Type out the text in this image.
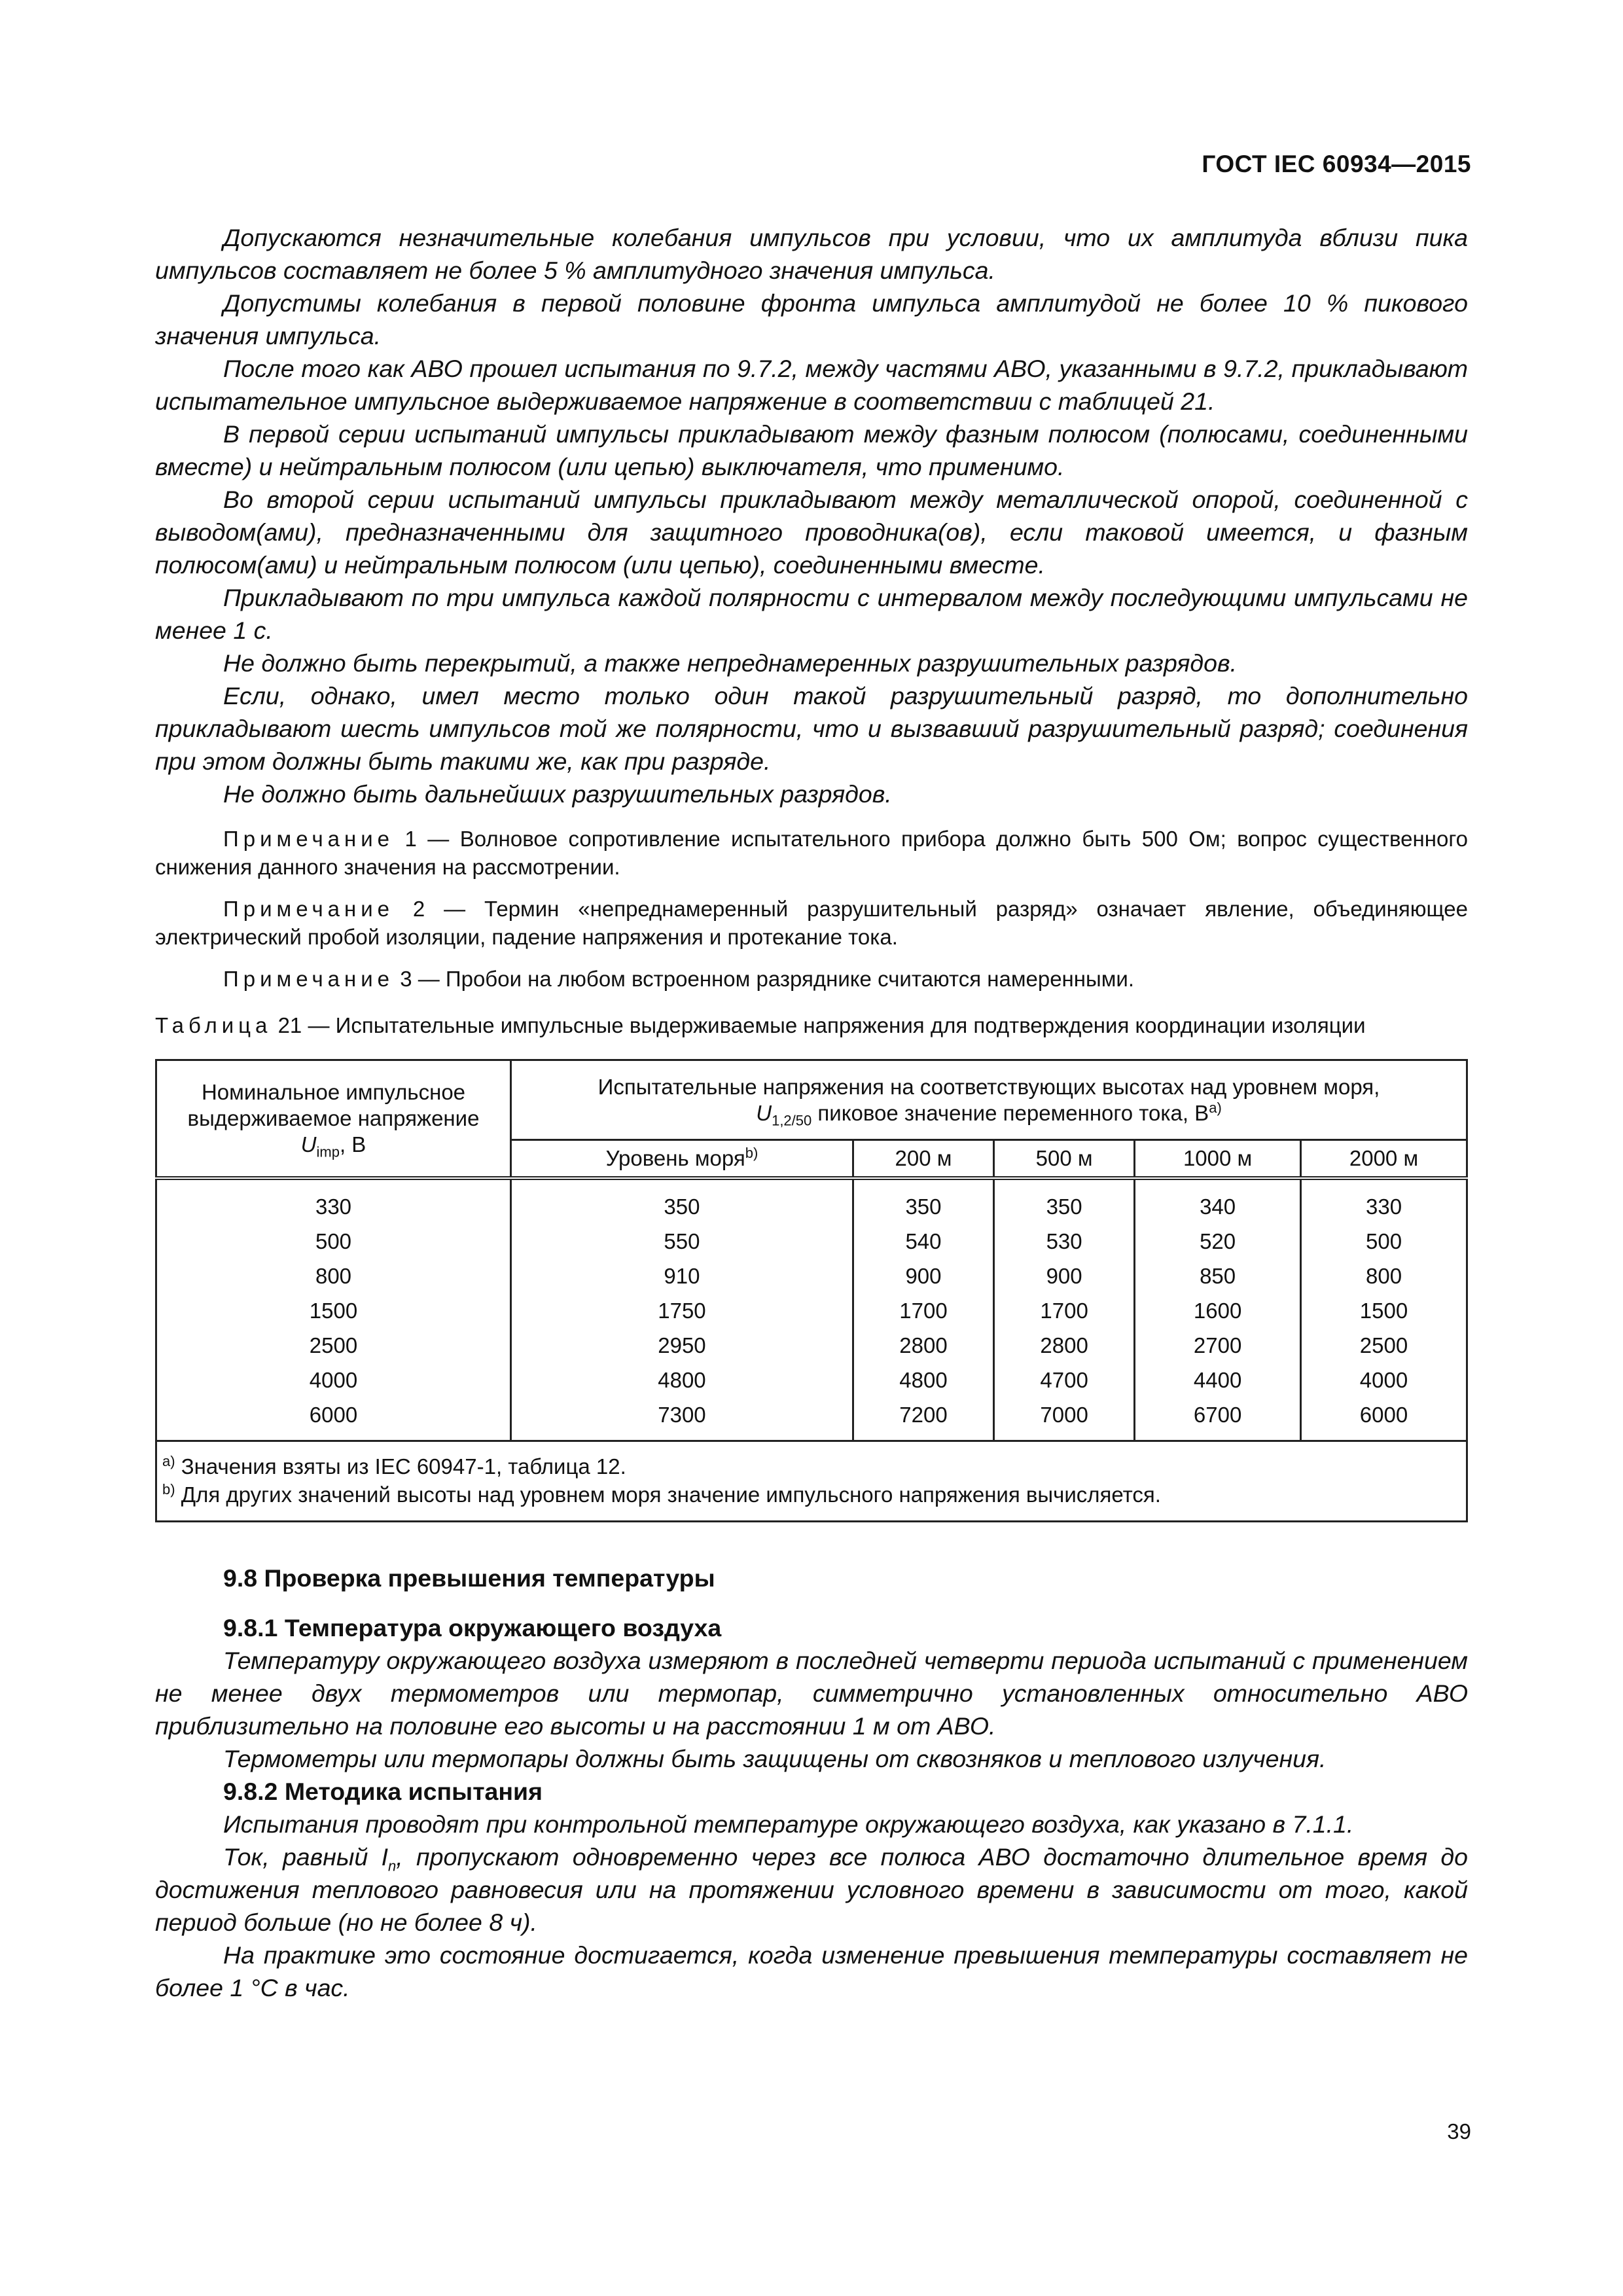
ГОСТ IEC 60934—2015

Допускаются незначительные колебания импульсов при условии, что их амплитуда вблизи пика импульсов составляет не более 5 % амплитудного значения импульса.

Допустимы колебания в первой половине фронта импульса амплитудой не более 10 % пикового значения импульса.

После того как АВО прошел испытания по 9.7.2, между частями АВО, указанными в 9.7.2, прикладывают испытательное импульсное выдерживаемое напряжение в соответствии с таблицей 21.

В первой серии испытаний импульсы прикладывают между фазным полюсом (полюсами, соединенными вместе) и нейтральным полюсом (или цепью) выключателя, что применимо.

Во второй серии испытаний импульсы прикладывают между металлической опорой, соединенной с выводом(ами), предназначенными для защитного проводника(ов), если таковой имеется, и фазным полюсом(ами) и нейтральным полюсом (или цепью), соединенными вместе.

Прикладывают по три импульса каждой полярности с интервалом между последующими импульсами не менее 1 с.

Не должно быть перекрытий, а также непреднамеренных разрушительных разрядов.

Если, однако, имел место только один такой разрушительный разряд, то дополнительно прикладывают шесть импульсов той же полярности, что и вызвавший разрушительный разряд; соединения при этом должны быть такими же, как при разряде.

Не должно быть дальнейших разрушительных разрядов.

Примечание 1 — Волновое сопротивление испытательного прибора должно быть 500 Ом; вопрос существенного снижения данного значения на рассмотрении.

Примечание 2 — Термин «непреднамеренный разрушительный разряд» означает явление, объединяющее электрический пробой изоляции, падение напряжения и протекание тока.

Примечание 3 — Пробои на любом встроенном разряднике считаются намеренными.

Таблица 21 — Испытательные импульсные выдерживаемые напряжения для подтверждения координации изоляции

Номинальное импульсное
выдерживаемое напряжение
$U_{imp}$, В	Испытательные напряжения на соответствующих высотах над уровнем моря,
$U_{1,2/50}$ пиковое значение переменного тока, $В^{а)}$
	Уровень моря$^{b)}$	200 м	500 м	1000 м	2000 м
330	350	350	350	340	330
500	550	540	530	520	500
800	910	900	900	850	800
1500	1750	1700	1700	1600	1500
2500	2950	2800	2800	2700	2500
4000	4800	4800	4700	4400	4000
6000	7300	7200	7000	6700	6000

$^{a)}$ Значения взяты из IEC 60947-1, таблица 12.
$^{b)}$ Для других значений высоты над уровнем моря значение импульсного напряжения вычисляется.					

9.8 Проверка превышения температуры

9.8.1 Температура окружающего воздуха

Температуру окружающего воздуха измеряют в последней четверти периода испытаний с применением не менее двух термометров или термопар, симметрично установленных относительно АВО приблизительно на половине его высоты и на расстоянии 1 м от АВО.

Термометры или термопары должны быть защищены от сквозняков и теплового излучения.

9.8.2 Методика испытания

Испытания проводят при контрольной температуре окружающего воздуха, как указано в 7.1.1.

Ток, равный $I_n$, пропускают одновременно через все полюса АВО достаточно длительное время до достижения теплового равновесия или на протяжении условного времени в зависимости от того, какой период больше (но не более 8 ч).

На практике это состояние достигается, когда изменение превышения температуры составляет не более 1 °С в час.

39
